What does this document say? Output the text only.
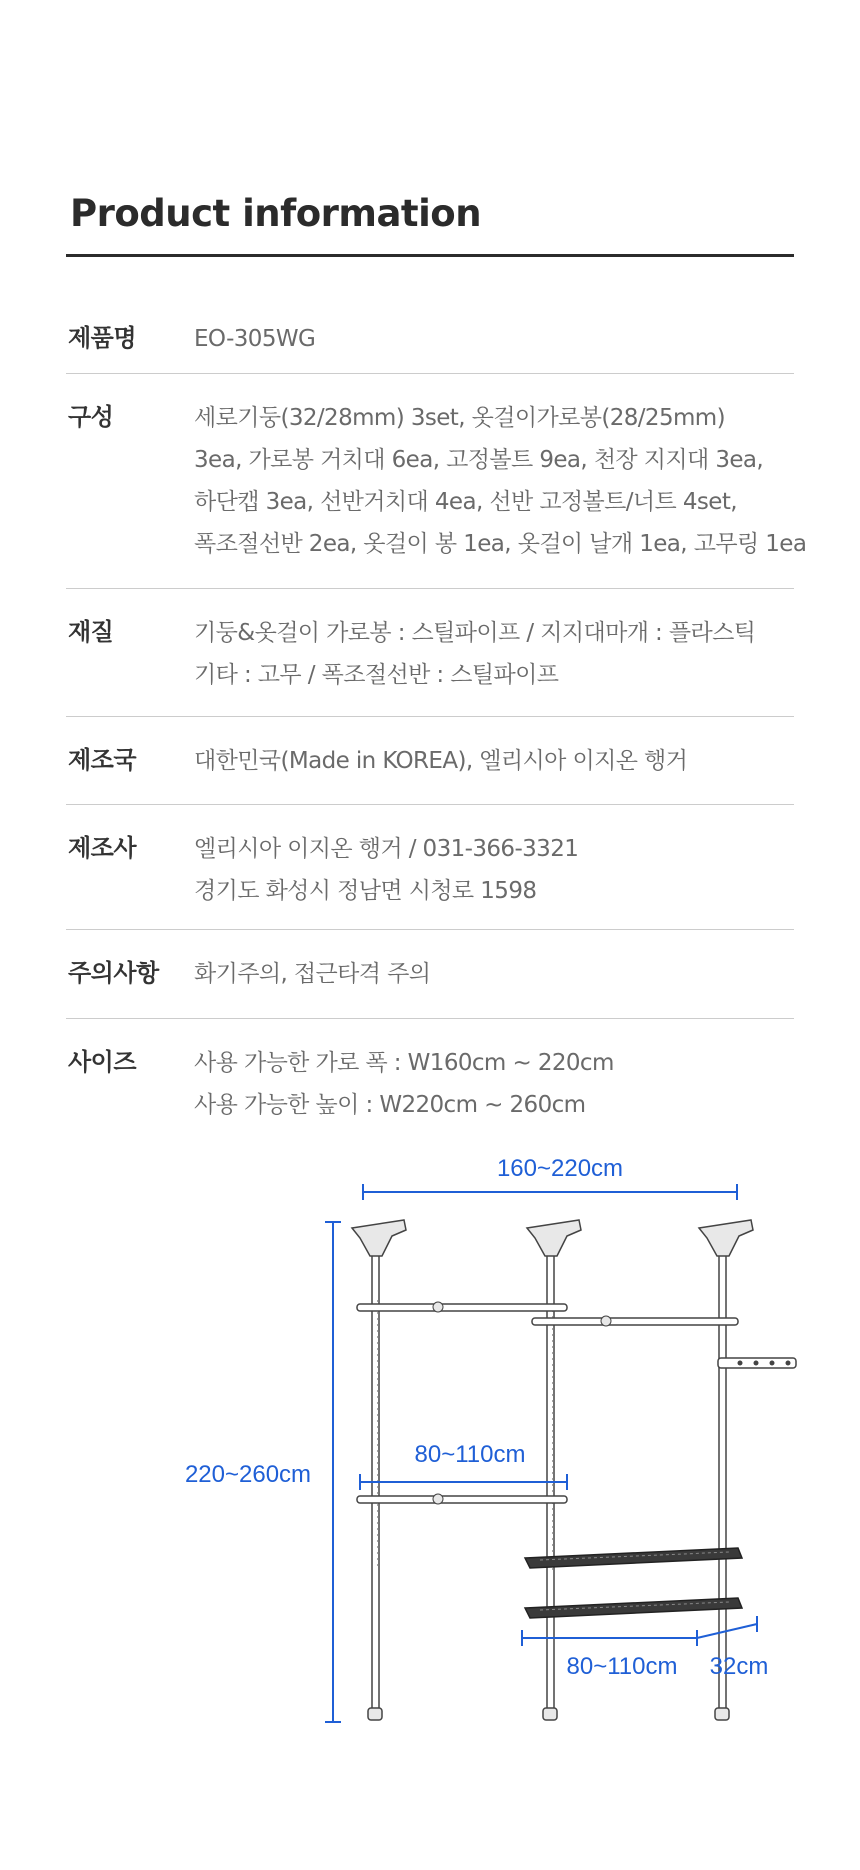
Product information
제품명	EO-305WG
구성	세로기둥(32/28mm) 3set, 옷걸이가로봉(28/25mm)
3ea, 가로봉 거치대 6ea, 고정볼트 9ea, 천장 지지대 3ea,
하단캡 3ea, 선반거치대 4ea, 선반 고정볼트/너트 4set,
폭조절선반 2ea, 옷걸이 봉 1ea, 옷걸이 날개 1ea, 고무링 1ea
재질	기둥&옷걸이 가로봉 : 스틸파이프 / 지지대마개 : 플라스틱
기타 : 고무 / 폭조절선반 : 스틸파이프
제조국	대한민국(Made in KOREA), 엘리시아 이지온 행거
제조사	엘리시아 이지온 행거 / 031-366-3321
경기도 화성시 정남면 시청로 1598
주의사항 화기주의, 접근타격 주의
사이즈	사용 가능한 가로 폭 : W160cm ~ 220cm
사용 가능한 높이 : W220cm ~ 260cm
160~220cm
220~260cm
80~110cm
80~110cm 32cm
